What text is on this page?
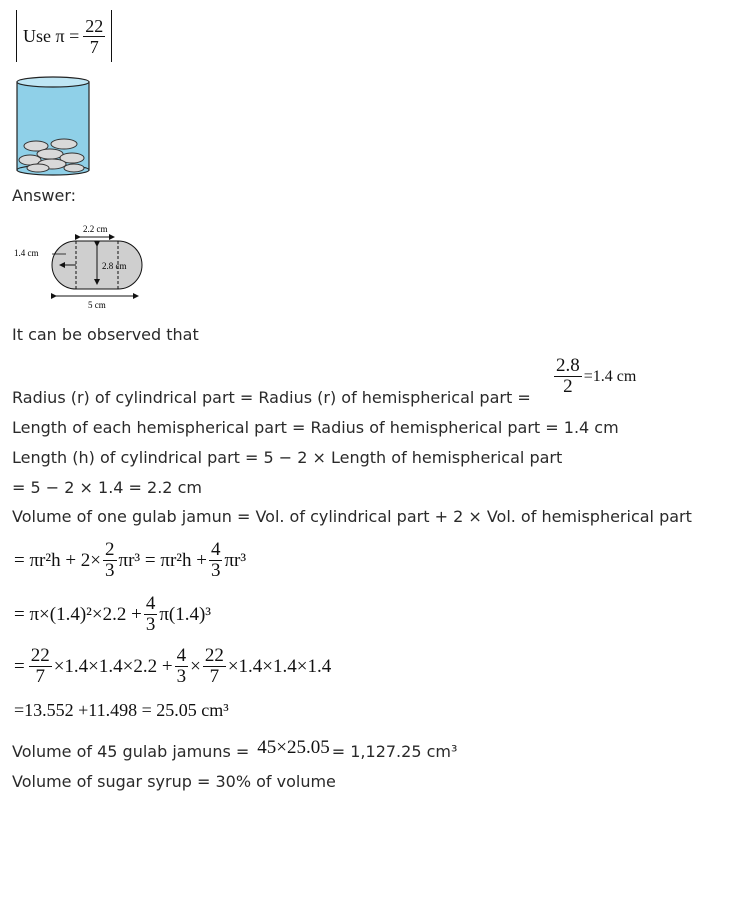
Use $\pi = \frac{22}{7}$
Answer:
2.2 cm
1.4 cm
2.8 cm
5 cm
It can be observed that
$\frac{2.8}{2} =1.4$ cm
Radius (r) of cylindrical part = Radius (r) of hemispherical part =
Length of each hemispherical part = Radius of hemispherical part = 1.4 cm
Length (h) of cylindrical part = 5 − 2 × Length of hemispherical part
= 5 − 2 × 1.4 = 2.2 cm
Volume of one gulab jamun = Vol. of cylindrical part + 2 × Vol. of hemispherical part
= $\pi r^2h + 2\times \frac{2}{3} \pi r^3 = \pi r^2h + \frac{4}{3} \pi r^3$
= $\pi\times(1.4)^2\times 2.2 + \frac{4}{3} \pi(1.4)^3$
= $\frac{22}{7} \times 1.4\times 1.4\times 2.2 + \frac{4}{3} \times \frac{22}{7} \times 1.4\times 1.4\times 1.4$
=13.552 +11.498 = 25.05 cm³
Volume of 45 gulab jamuns = 45×25.05 = 1,127.25 cm³
Volume of sugar syrup = 30% of volume
